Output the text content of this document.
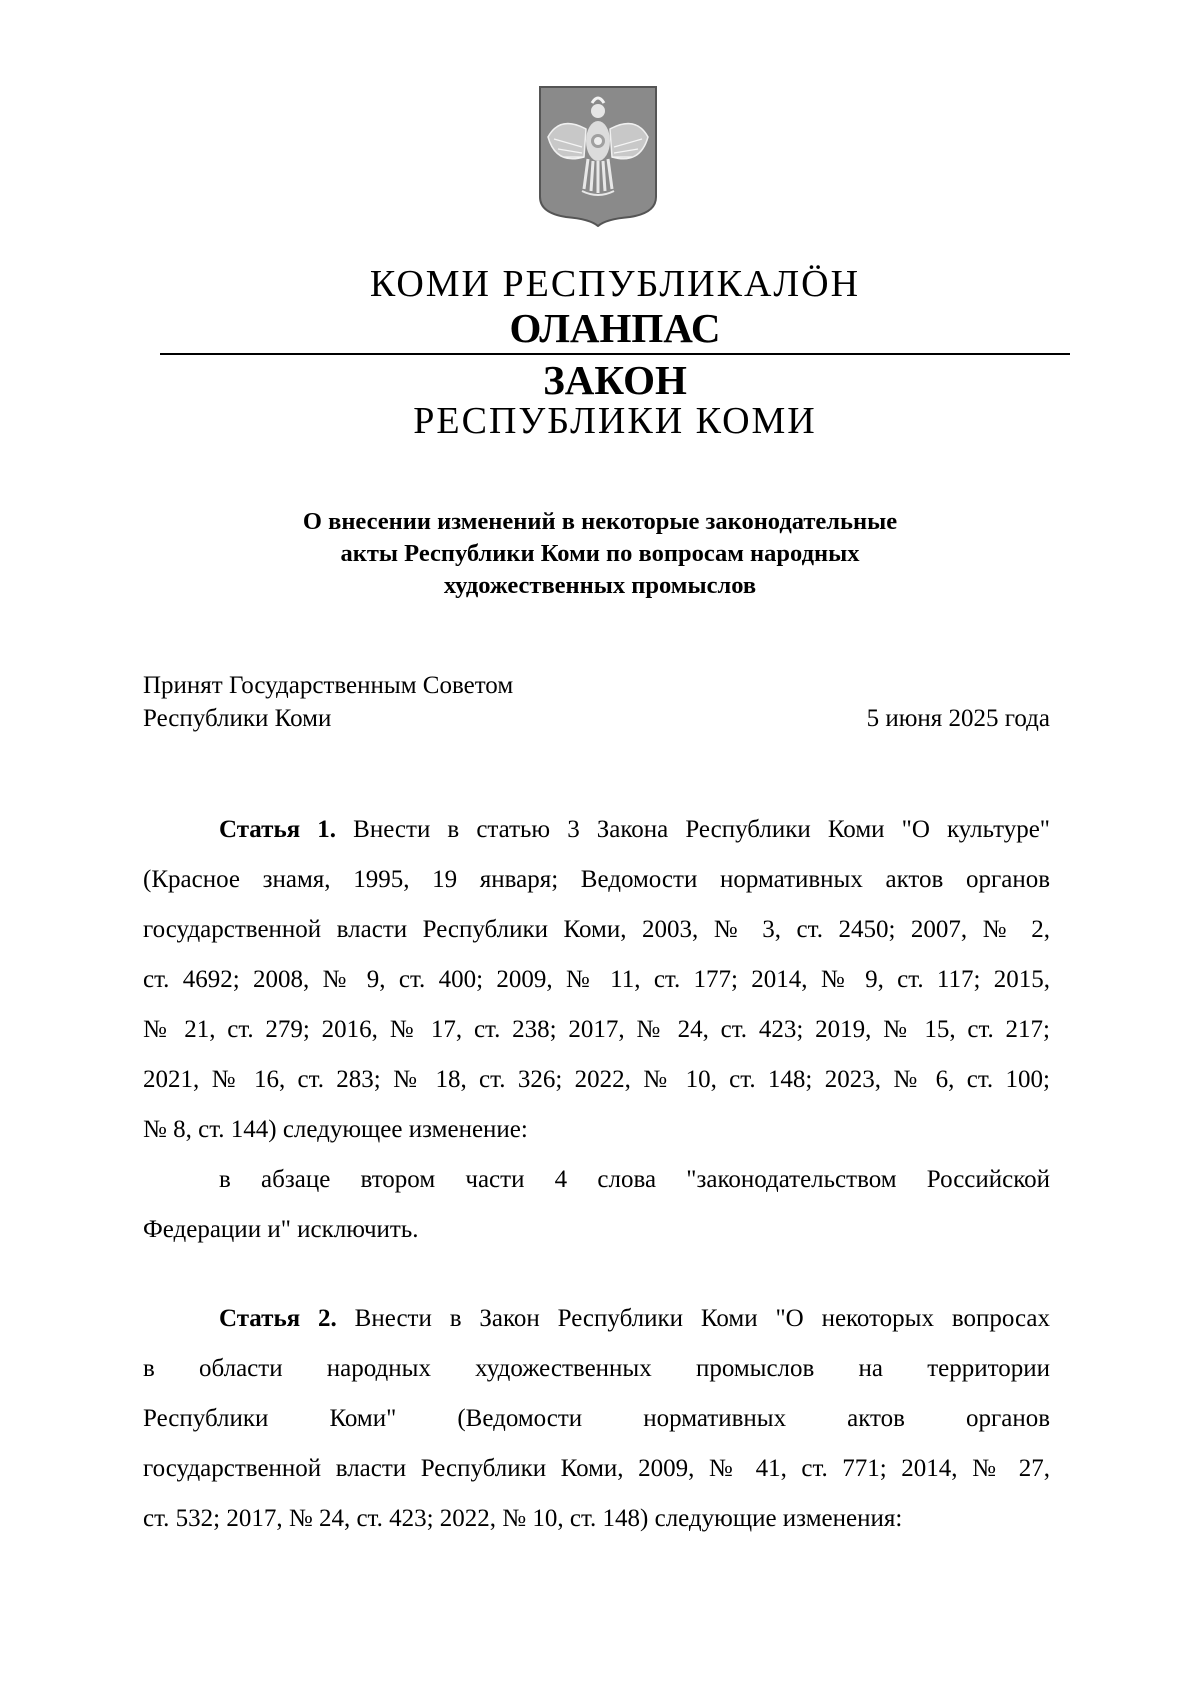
КОМИ РЕСПУБЛИКАЛӦН
ОЛАНПАС
ЗАКОН
РЕСПУБЛИКИ КОМИ
О внесении изменений в некоторые законодательные
акты Республики Коми по вопросам народных
художественных промыслов
Принят Государственным Советом
Республики Коми	5 июня 2025 года
Статья 1. Внести в статью 3 Закона Республики Коми "О культуре"
(Красное знамя, 1995, 19 января; Ведомости нормативных актов органов
государственной власти Республики Коми, 2003, № 3, ст. 2450; 2007, № 2,
ст. 4692; 2008, № 9, ст. 400; 2009, № 11, ст. 177; 2014, № 9, ст. 117; 2015,
№ 21, ст. 279; 2016, № 17, ст. 238; 2017, № 24, ст. 423; 2019, № 15, ст. 217;
2021, № 16, ст. 283; № 18, ст. 326; 2022, № 10, ст. 148; 2023, № 6, ст. 100;
№ 8, ст. 144) следующее изменение:
в абзаце втором части 4 слова "законодательством Российской
Федерации и" исключить.
Статья 2. Внести в Закон Республики Коми "О некоторых вопросах
в области народных художественных промыслов на территории
Республики Коми" (Ведомости нормативных актов органов
государственной власти Республики Коми, 2009, № 41, ст. 771; 2014, № 27,
ст. 532; 2017, № 24, ст. 423; 2022, № 10, ст. 148) следующие изменения:
